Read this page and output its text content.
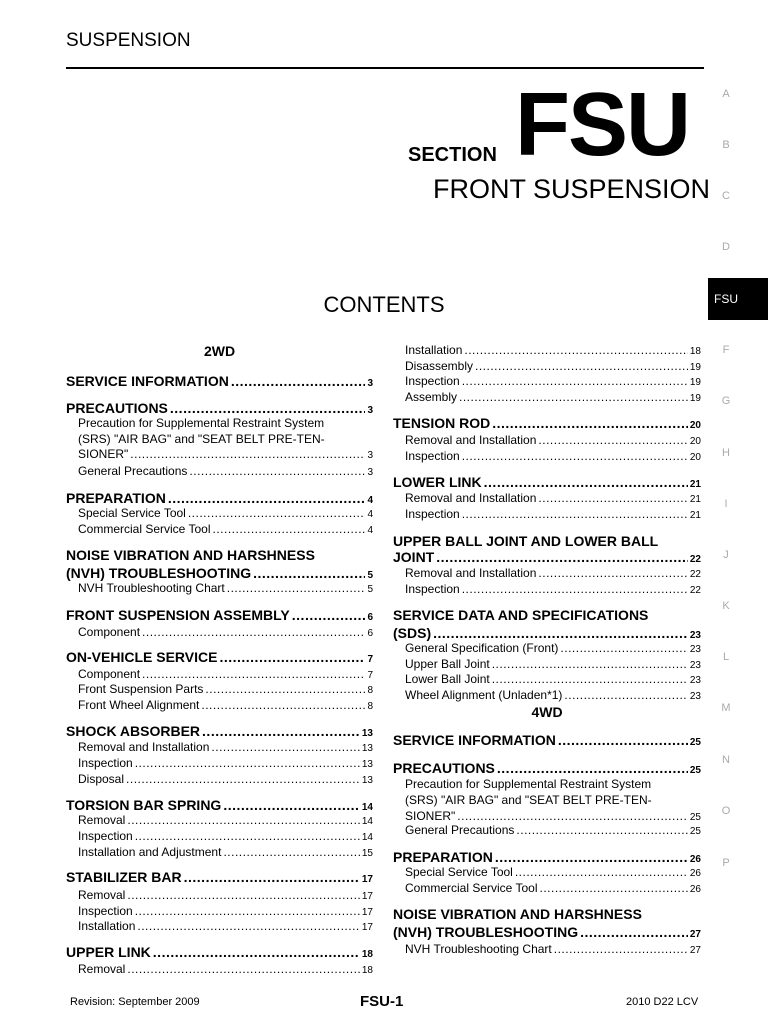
SUSPENSION
SECTION FSU
FRONT SUSPENSION
CONTENTS
A
B
C
D
F
G
H
I
J
K
L
M
N
O
P
FSU
2WD
SERVICE INFORMATION .....	3
PRECAUTIONS .....	3
Precaution for Supplemental Restraint System
(SRS) "AIR BAG" and "SEAT BELT PRE-TEN-
SIONER" .....	3
General Precautions .....	3
PREPARATION .....	4
Special Service Tool .....	4
Commercial Service Tool .....	4
NOISE VIBRATION AND HARSHNESS
(NVH) TROUBLESHOOTING .....	5
NVH Troubleshooting Chart .....	5
FRONT SUSPENSION ASSEMBLY .....	6
Component .....	6
ON-VEHICLE SERVICE .....	7
Component .....	7
Front Suspension Parts .....	8
Front Wheel Alignment .....	8
SHOCK ABSORBER .....	13
Removal and Installation .....	13
Inspection .....	13
Disposal .....	13
TORSION BAR SPRING .....	14
Removal .....	14
Inspection .....	14
Installation and Adjustment .....	15
STABILIZER BAR .....	17
Removal .....	17
Inspection .....	17
Installation .....	17
UPPER LINK .....	18
Removal .....	18
Installation .....	18
Disassembly .....	19
Inspection .....	19
Assembly .....	19
TENSION ROD .....	20
Removal and Installation .....	20
Inspection .....	20
LOWER LINK .....	21
Removal and Installation .....	21
Inspection .....	21
UPPER BALL JOINT AND LOWER BALL
JOINT .....	22
Removal and Installation .....	22
Inspection .....	22
SERVICE DATA AND SPECIFICATIONS
(SDS) .....	23
General Specification (Front) .....	23
Upper Ball Joint .....	23
Lower Ball Joint .....	23
Wheel Alignment (Unladen*1) .....	23
4WD
SERVICE INFORMATION .....	25
PRECAUTIONS .....	25
Precaution for Supplemental Restraint System
(SRS) "AIR BAG" and "SEAT BELT PRE-TEN-
SIONER" .....	25
General Precautions .....	25
PREPARATION .....	26
Special Service Tool .....	26
Commercial Service Tool .....	26
NOISE VIBRATION AND HARSHNESS
(NVH) TROUBLESHOOTING .....	27
NVH Troubleshooting Chart .....	27
Revision: September 2009	FSU-1	2010 D22 LCV
